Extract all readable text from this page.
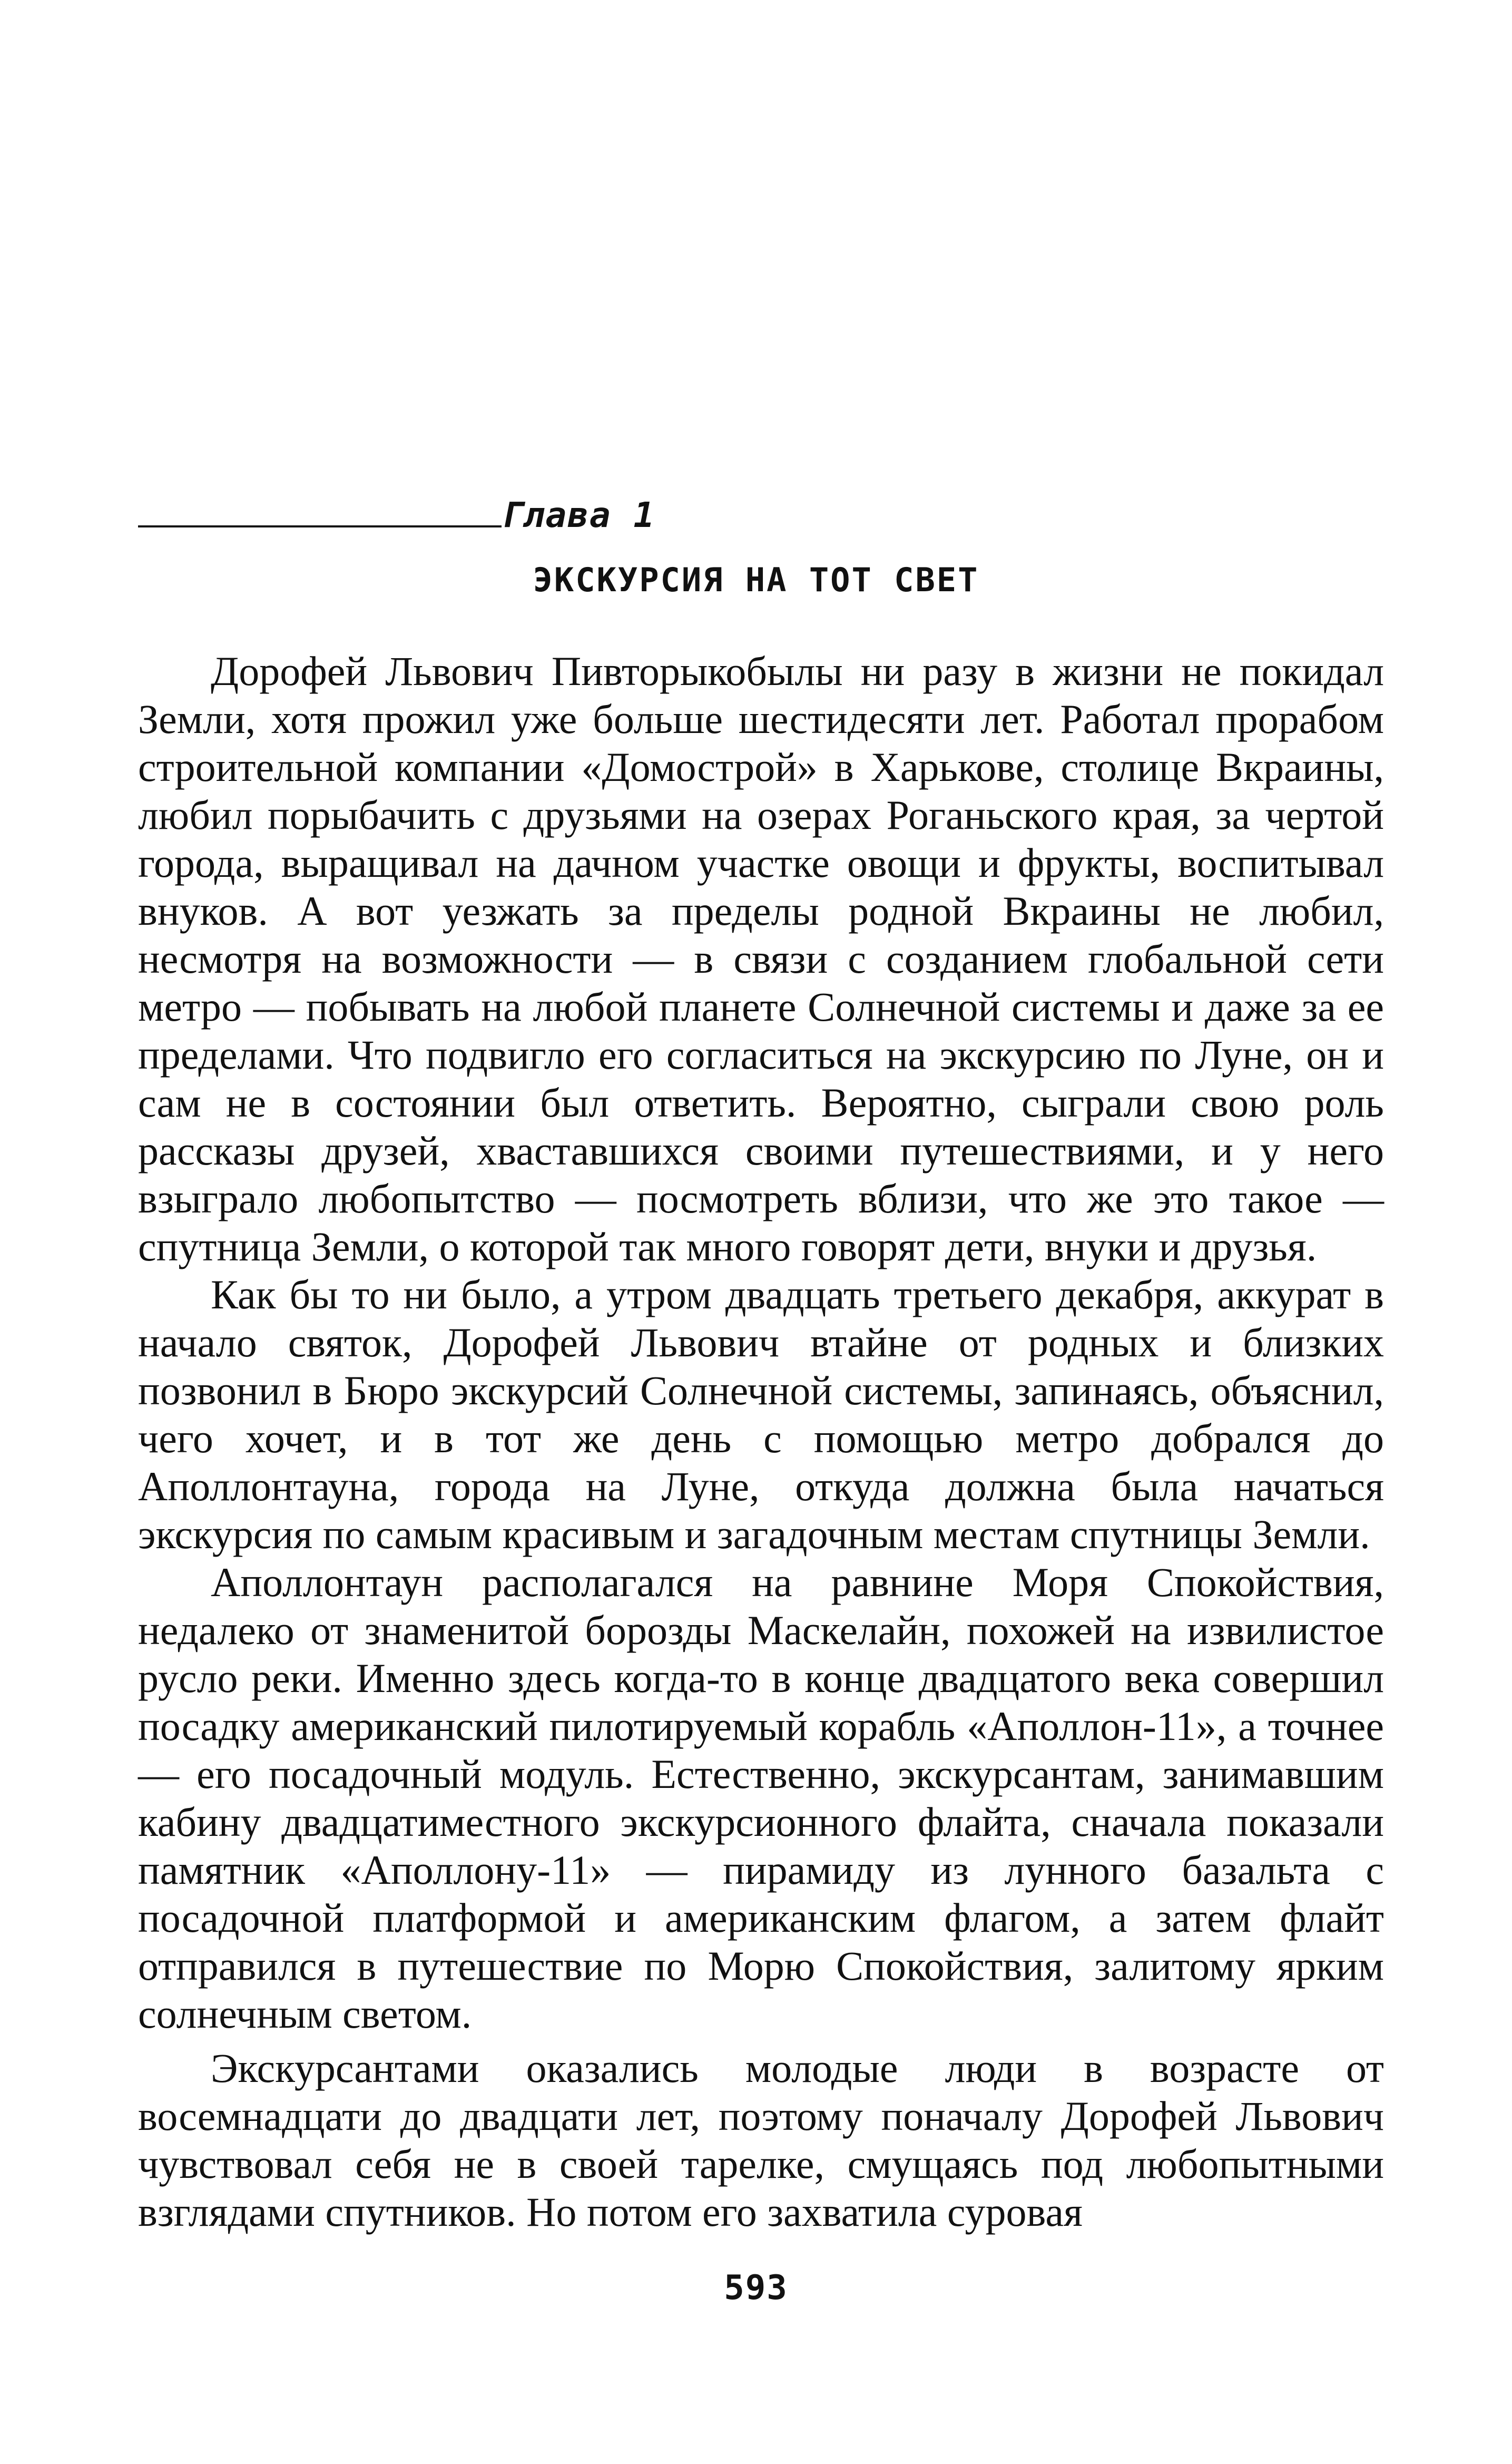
Глава 1
ЭКСКУРСИЯ НА ТОТ СВЕТ

Дорофей Львович Пивторыкобылы ни разу в жизни не покидал Земли, хотя прожил уже больше шестидесяти лет. Работал прорабом строительной компании «Домострой» в Харькове, столице Вкраины, любил порыбачить с друзьями на озерах Роганьского края, за чертой города, выращивал на дачном участке овощи и фрукты, воспитывал внуков. А вот уезжать за пределы родной Вкраины не любил, несмотря на возможности — в связи с созданием глобальной сети метро — побывать на любой планете Солнечной системы и даже за ее пределами. Что подвигло его согласиться на экскурсию по Луне, он и сам не в состоянии был ответить. Вероятно, сыграли свою роль рассказы друзей, хваставшихся своими путешествиями, и у него взыграло любопытство — посмотреть вблизи, что же это такое — спутница Земли, о которой так много говорят дети, внуки и друзья.

Как бы то ни было, а утром двадцать третьего декабря, аккурат в начало святок, Дорофей Львович втайне от родных и близких позвонил в Бюро экскурсий Солнечной системы, запинаясь, объяснил, чего хочет, и в тот же день с помощью метро добрался до Аполлонтауна, города на Луне, откуда должна была начаться экскурсия по самым красивым и загадочным местам спутницы Земли.

Аполлонтаун располагался на равнине Моря Спокойствия, недалеко от знаменитой борозды Маскелайн, похожей на извилистое русло реки. Именно здесь когда-то в конце двадцатого века совершил посадку американский пилотируемый корабль «Аполлон-11», а точнее — его посадочный модуль. Естественно, экскурсантам, занимавшим кабину двадцатиместного экскурсионного флайта, сначала показали памятник «Аполлону-11» — пирамиду из лунного базальта с посадочной платформой и американским флагом, а затем флайт отправился в путешествие по Морю Спокойствия, залитому ярким солнечным светом.

Экскурсантами оказались молодые люди в возрасте от восемнадцати до двадцати лет, поэтому поначалу Дорофей Львович чувствовал себя не в своей тарелке, смущаясь под любопытными взглядами спутников. Но потом его захватила суровая

593
